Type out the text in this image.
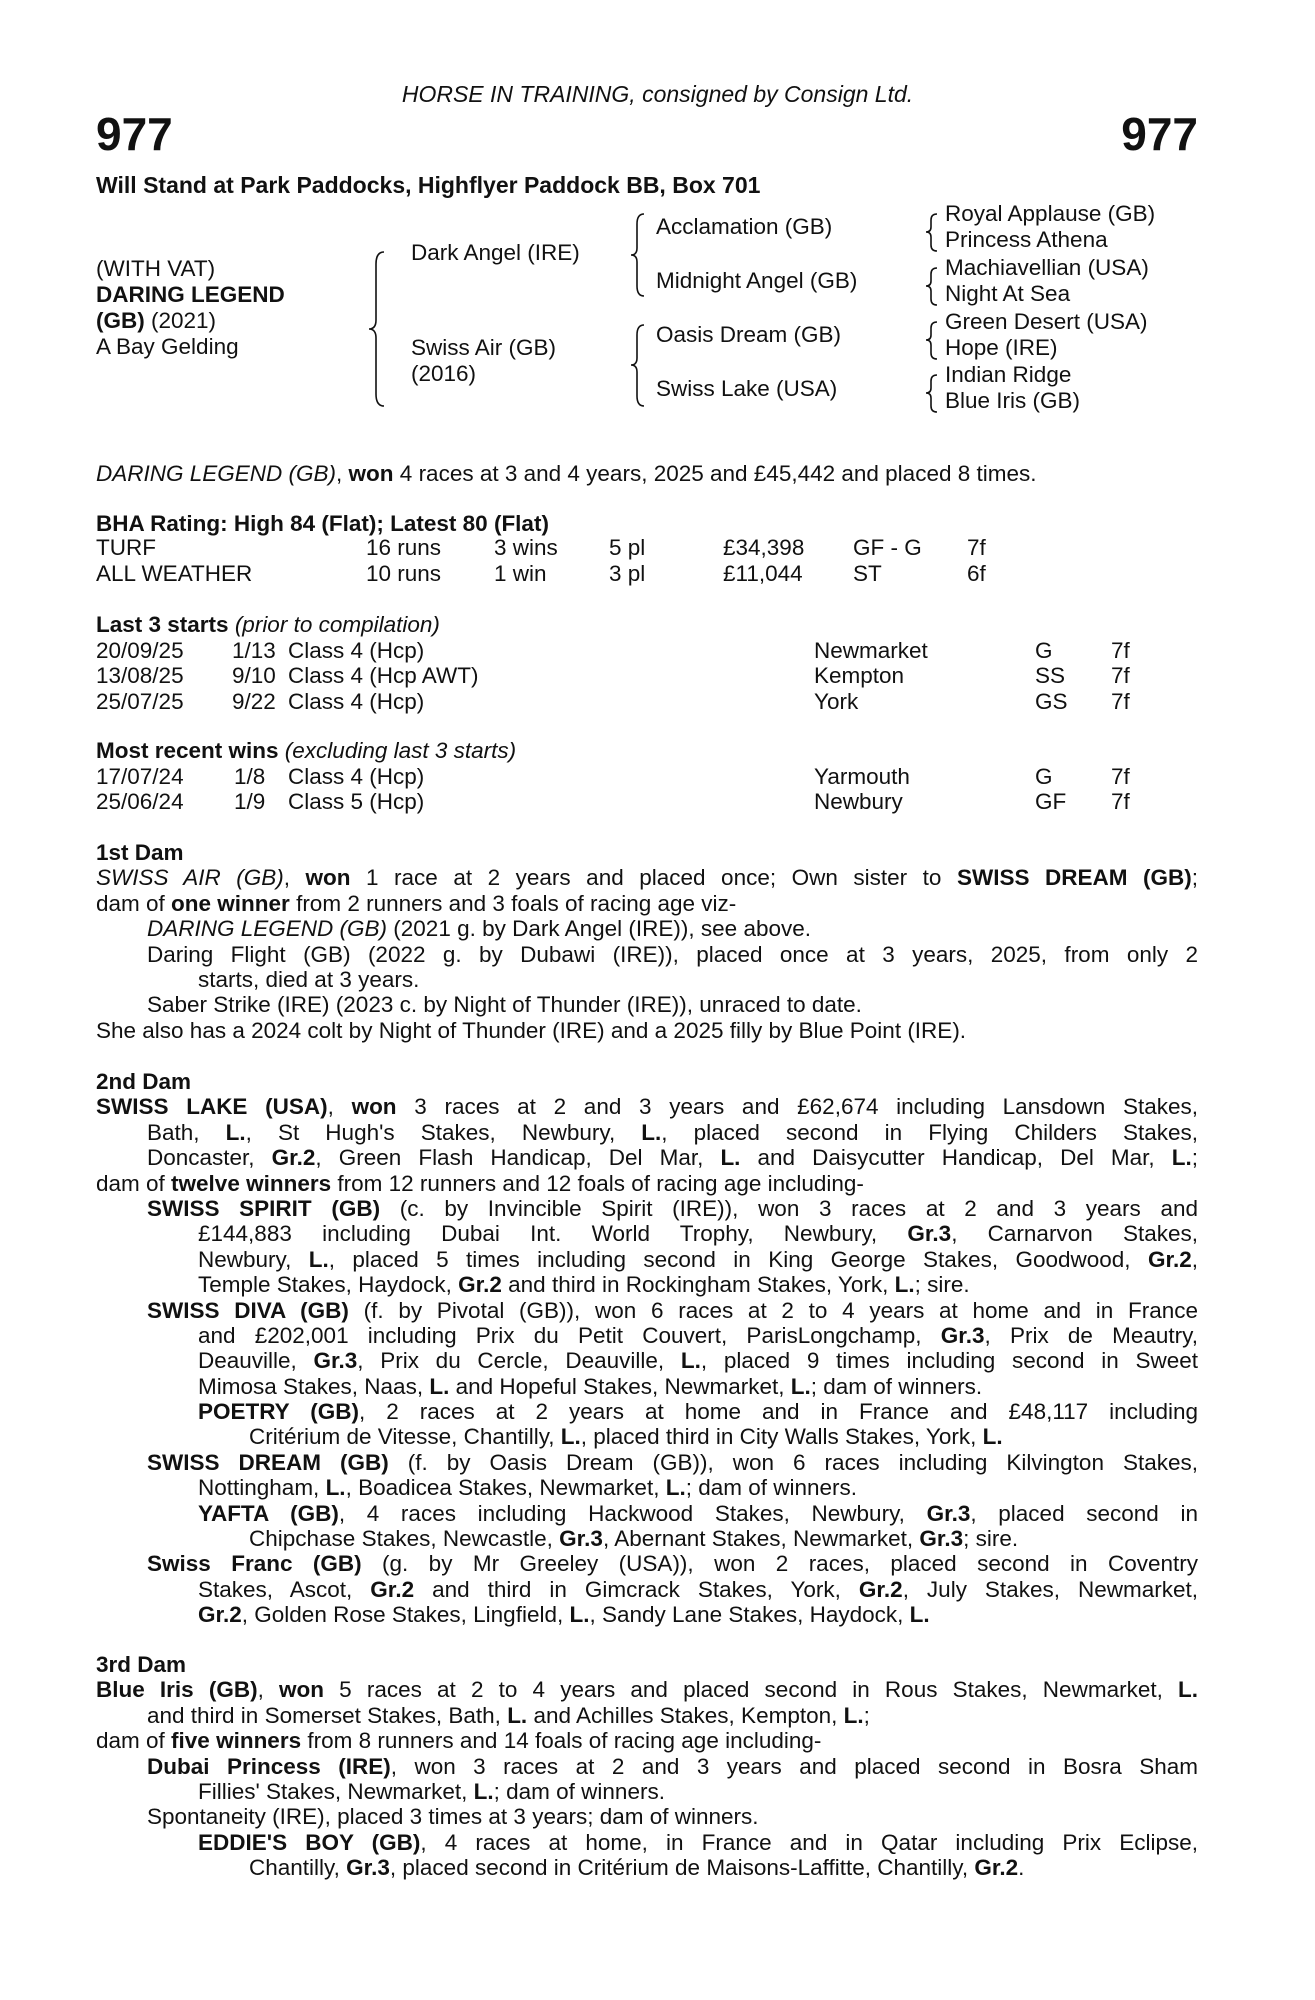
HORSE IN TRAINING, consigned by Consign Ltd.
977	977
Will Stand at Park Paddocks, Highflyer Paddock BB, Box 701
(WITH VAT)
DARING LEGEND
(GB) (2021)
A Bay Gelding
Dark Angel (IRE)
Swiss Air (GB)
(2016)
Acclamation (GB)
Midnight Angel (GB)
Oasis Dream (GB)
Swiss Lake (USA)
Royal Applause (GB)
Princess Athena
Machiavellian (USA)
Night At Sea
Green Desert (USA)
Hope (IRE)
Indian Ridge
Blue Iris (GB)
DARING LEGEND (GB), won 4 races at 3 and 4 years, 2025 and £45,442 and placed 8 times.
BHA Rating: High 84 (Flat); Latest 80 (Flat)
TURF	16 runs 3 wins 5 pl	£34,398 GF - G 7f
ALL WEATHER	10 runs 1 win	3 pl	£11,044 ST	6f
Last 3 starts (prior to compilation)
20/09/25 1/13 Class 4 (Hcp)	Newmarket	G	7f
13/08/25 9/10 Class 4 (Hcp AWT)	Kempton	SS 7f
25/07/25 9/22 Class 4 (Hcp)	York	GS 7f
Most recent wins (excluding last 3 starts)
17/07/24 1/8 Class 4 (Hcp)	Yarmouth	G	7f
25/06/24 1/9 Class 5 (Hcp)	Newbury	GF 7f
1st Dam
SWISS AIR (GB), won 1 race at 2 years and placed once; Own sister to SWISS DREAM (GB);
dam of one winner from 2 runners and 3 foals of racing age viz-
DARING LEGEND (GB) (2021 g. by Dark Angel (IRE)), see above.
Daring Flight (GB) (2022 g. by Dubawi (IRE)), placed once at 3 years, 2025, from only 2
starts, died at 3 years.
Saber Strike (IRE) (2023 c. by Night of Thunder (IRE)), unraced to date.
She also has a 2024 colt by Night of Thunder (IRE) and a 2025 filly by Blue Point (IRE).
2nd Dam
SWISS LAKE (USA), won 3 races at 2 and 3 years and £62,674 including Lansdown Stakes,
Bath, L., St Hugh's Stakes, Newbury, L., placed second in Flying Childers Stakes,
Doncaster, Gr.2, Green Flash Handicap, Del Mar, L. and Daisycutter Handicap, Del Mar, L.;
dam of twelve winners from 12 runners and 12 foals of racing age including-
SWISS SPIRIT (GB) (c. by Invincible Spirit (IRE)), won 3 races at 2 and 3 years and
£144,883 including Dubai Int. World Trophy, Newbury, Gr.3, Carnarvon Stakes,
Newbury, L., placed 5 times including second in King George Stakes, Goodwood, Gr.2,
Temple Stakes, Haydock, Gr.2 and third in Rockingham Stakes, York, L.; sire.
SWISS DIVA (GB) (f. by Pivotal (GB)), won 6 races at 2 to 4 years at home and in France
and £202,001 including Prix du Petit Couvert, ParisLongchamp, Gr.3, Prix de Meautry,
Deauville, Gr.3, Prix du Cercle, Deauville, L., placed 9 times including second in Sweet
Mimosa Stakes, Naas, L. and Hopeful Stakes, Newmarket, L.; dam of winners.
POETRY (GB), 2 races at 2 years at home and in France and £48,117 including
Critérium de Vitesse, Chantilly, L., placed third in City Walls Stakes, York, L.
SWISS DREAM (GB) (f. by Oasis Dream (GB)), won 6 races including Kilvington Stakes,
Nottingham, L., Boadicea Stakes, Newmarket, L.; dam of winners.
YAFTA (GB), 4 races including Hackwood Stakes, Newbury, Gr.3, placed second in
Chipchase Stakes, Newcastle, Gr.3, Abernant Stakes, Newmarket, Gr.3; sire.
Swiss Franc (GB) (g. by Mr Greeley (USA)), won 2 races, placed second in Coventry
Stakes, Ascot, Gr.2 and third in Gimcrack Stakes, York, Gr.2, July Stakes, Newmarket,
Gr.2, Golden Rose Stakes, Lingfield, L., Sandy Lane Stakes, Haydock, L.
3rd Dam
Blue Iris (GB), won 5 races at 2 to 4 years and placed second in Rous Stakes, Newmarket, L.
and third in Somerset Stakes, Bath, L. and Achilles Stakes, Kempton, L.;
dam of five winners from 8 runners and 14 foals of racing age including-
Dubai Princess (IRE), won 3 races at 2 and 3 years and placed second in Bosra Sham
Fillies' Stakes, Newmarket, L.; dam of winners.
Spontaneity (IRE), placed 3 times at 3 years; dam of winners.
EDDIE'S BOY (GB), 4 races at home, in France and in Qatar including Prix Eclipse,
Chantilly, Gr.3, placed second in Critérium de Maisons-Laffitte, Chantilly, Gr.2.
